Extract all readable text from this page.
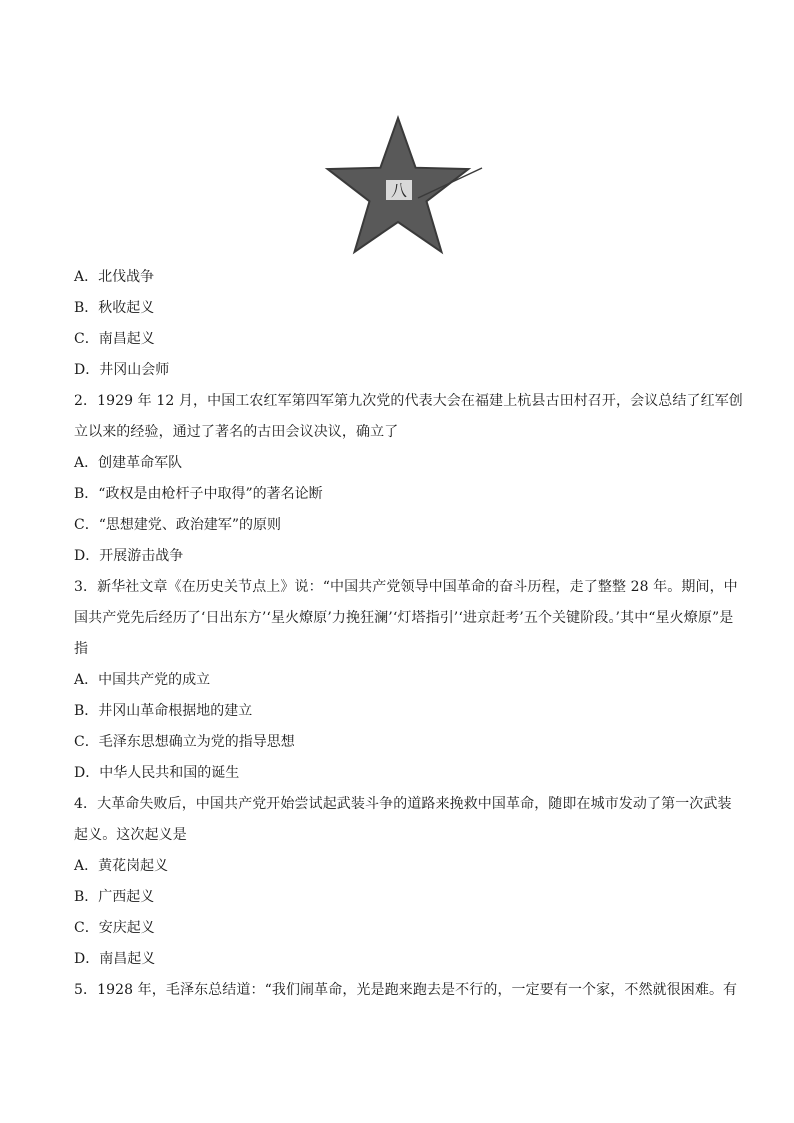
八
A．北伐战争
B．秋收起义
C．南昌起义
D．井冈山会师
2．1929 年 12 月，中国工农红军第四军第九次党的代表大会在福建上杭县古田村召开，会议总结了红军创
立以来的经验，通过了著名的古田会议决议，确立了
A．创建革命军队
B．“政权是由枪杆子中取得”的著名论断
C．“思想建党、政治建军”的原则
D．开展游击战争
3．新华社文章《在历史关节点上》说：“中国共产党领导中国革命的奋斗历程，走了整整 28 年。期间，中
国共产党先后经历了‘日出东方’‘星火燎原’力挽狂澜’‘灯塔指引’‘进京赶考’五个关键阶段。’其中“星火燎原”是
指
A．中国共产党的成立
B．井冈山革命根据地的建立
C．毛泽东思想确立为党的指导思想
D．中华人民共和国的诞生
4．大革命失败后，中国共产党开始尝试起武装斗争的道路来挽救中国革命，随即在城市发动了第一次武装
起义。这次起义是
A．黄花岗起义
B．广西起义
C．安庆起义
D．南昌起义
5．1928 年，毛泽东总结道：“我们闹革命，光是跑来跑去是不行的，一定要有一个家，不然就很困难。有
